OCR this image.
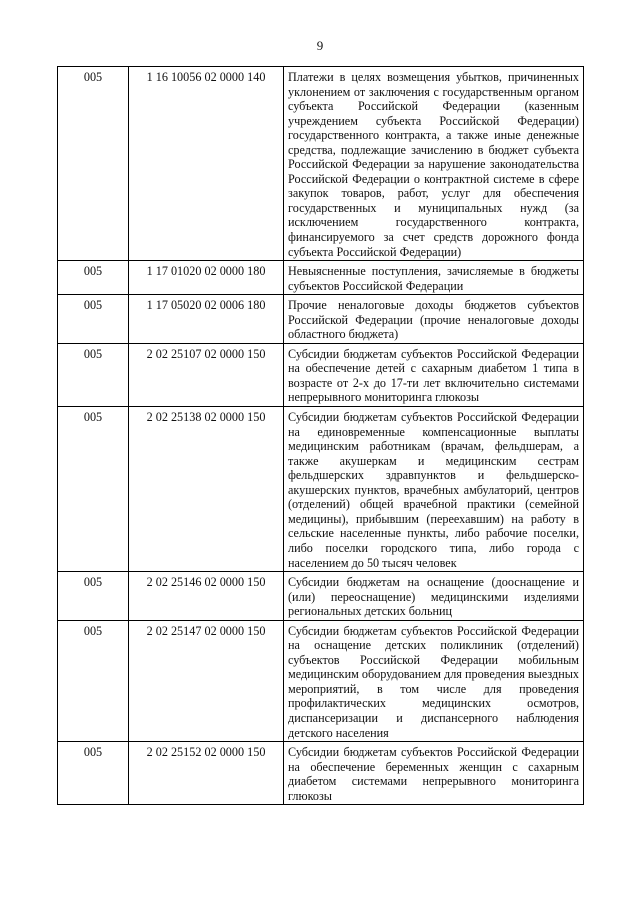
9
005	1 16 10056 02 0000 140	Платежи в целях возмещения убытков, причиненных уклонением от заключения с государственным органом субъекта Российской Федерации (казенным учреждением субъекта Российской Федерации) государственного контракта, а также иные денежные средства, подлежащие зачислению в бюджет субъекта Российской Федерации за нарушение законодательства Российской Федерации о контрактной системе в сфере закупок товаров, работ, услуг для обеспечения государственных и муниципальных нужд (за исключением государственного контракта, финансируемого за счет средств дорожного фонда субъекта Российской Федерации)
005	1 17 01020 02 0000 180	Невыясненные поступления, зачисляемые в бюджеты субъектов Российской Федерации
005	1 17 05020 02 0006 180	Прочие неналоговые доходы бюджетов субъектов Российской Федерации (прочие неналоговые доходы областного бюджета)
005	2 02 25107 02 0000 150	Субсидии бюджетам субъектов Российской Федерации на обеспечение детей с сахарным диабетом 1 типа в возрасте от 2-х до 17-ти лет включительно системами непрерывного мониторинга глюкозы
005	2 02 25138 02 0000 150	Субсидии бюджетам субъектов Российской Федерации на единовременные компенсационные выплаты медицинским работникам (врачам, фельдшерам, а также акушеркам и медицинским сестрам фельдшерских здравпунктов и фельдшерско-акушерских пунктов, врачебных амбулаторий, центров (отделений) общей врачебной практики (семейной медицины), прибывшим (переехавшим) на работу в сельские населенные пункты, либо рабочие поселки, либо поселки городского типа, либо города с населением до 50 тысяч человек
005	2 02 25146 02 0000 150	Субсидии бюджетам на оснащение (дооснащение и (или) переоснащение) медицинскими изделиями региональных детских больниц
005	2 02 25147 02 0000 150	Субсидии бюджетам субъектов Российской Федерации на оснащение детских поликлиник (отделений) субъектов Российской Федерации мобильным медицинским оборудованием для проведения выездных мероприятий, в том числе для проведения профилактических медицинских осмотров, диспансеризации и диспансерного наблюдения детского населения
005	2 02 25152 02 0000 150	Субсидии бюджетам субъектов Российской Федерации на обеспечение беременных женщин с сахарным диабетом системами непрерывного мониторинга глюкозы
